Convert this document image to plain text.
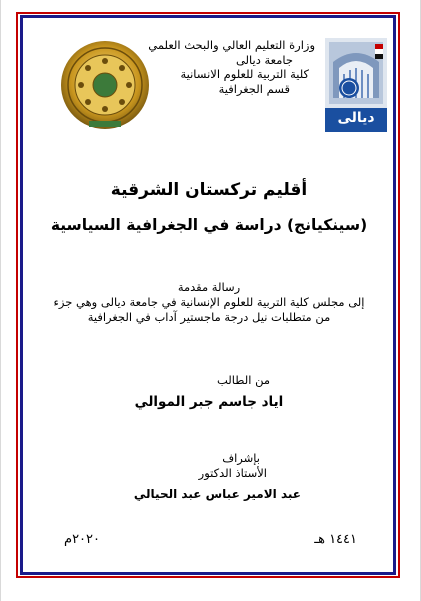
وزارة التعليم العالي والبحث العلمي
جامعة ديالى
كلية التربية للعلوم الانسانية
قسم الجغرافية
ديالى
أقليم تركستان الشرقية
(سينكيانج) دراسة في الجغرافية السياسية
رسالة مقدمة
إلى مجلس كلية التربية للعلوم الإنسانية في جامعة ديالى وهي جزء
من متطلبات نيل درجة ماجستير آداب في الجغرافية
من الطالب
اياد جاسم جبر الموالي
بإشراف
الأستاذ الدكتور
عبد الامير عباس عبد الحيالي
١٤٤١ هـ
٢٠٢٠م
